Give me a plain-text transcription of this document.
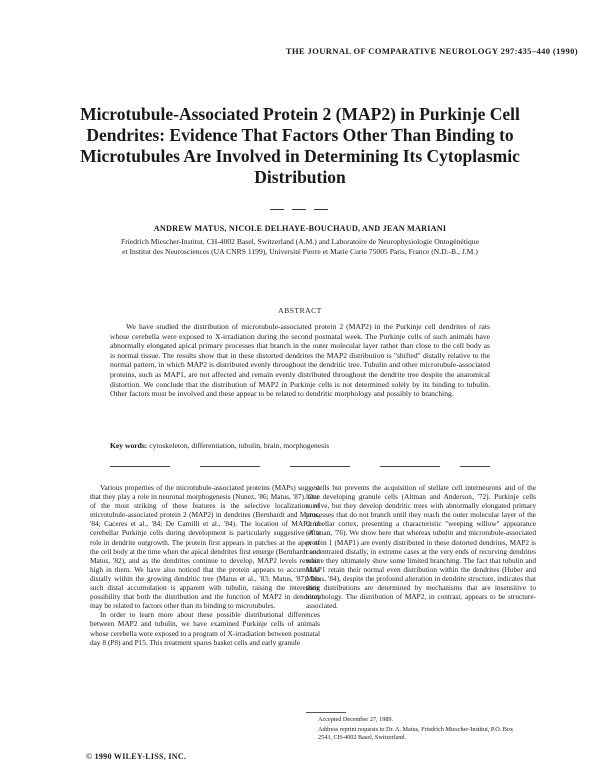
THE JOURNAL OF COMPARATIVE NEUROLOGY 297:435–440 (1990)
Microtubule-Associated Protein 2 (MAP2) in Purkinje Cell Dendrites: Evidence That Factors Other Than Binding to Microtubules Are Involved in Determining Its Cytoplasmic Distribution
ANDREW MATUS, NICOLE DELHAYE-BOUCHAUD, AND JEAN MARIANI
Friedrich Miescher-Institut, CH-4002 Basel, Switzerland (A.M.) and Laboratoire de Neurophysiologie Ontogénétique et Institut des Neurosciences (UA CNRS 1199), Université Pierre et Marie Curie 75005 Paris, France (N.D.-B., J.M.)
ABSTRACT
We have studied the distribution of microtubule-associated protein 2 (MAP2) in the Purkinje cell dendrites of rats whose cerebella were exposed to X-irradiation during the second postnatal week. The Purkinje cells of such animals have abnormally elongated apical primary processes that branch in the outer molecular layer rather than close to the cell body as is normal tissue. The results show that in these distorted dendrites the MAP2 distribution is "shifted" distally relative to the normal pattern, in which MAP2 is distributed evenly throughout the dendritic tree. Tubulin and other microtubule-associated proteins, such as MAP1, are not affected and remain evenly distributed throughout the dendrite tree despite the anatomical distortion. We conclude that the distribution of MAP2 in Purkinje cells is not determined solely by its binding to tubulin. Other factors must be involved and these appear to be related to dendritic morphology and possibly to branching.
Key words: cytoskeleton, differentiation, tubulin, brain, morphogenesis

Various properties of the microtubule-associated proteins (MAPs) suggest that they play a role in neuronal morphogenesis (Nunez, '86; Matus, '87). One of the most striking of these features is the selective localization of microtubule-associated protein 2 (MAP2) in dendrites (Bernhardt and Matus, '84; Caceres et al., '84; De Camilli et al., '84). The location of MAP2 in cerebellar Purkinje cells during development is particularly suggestive of a role in dendrite outgrowth. The protein first appears in patches at the apex of the cell body at the time when the apical dendrites first emerge (Bernhardt and Matus, '82), and as the dendrites continue to develop, MAP2 levels remain high in them. We have also noticed that the protein appears to accumulate distally within the growing dendritic tree (Matus et al., '83; Matus, '87). No such distal accumulation is apparent with tubulin, raising the interesting possibility that both the distribution and the function of MAP2 in dendrites may be related to factors other than its binding to microtubules.

In order to learn more about these possible distributional differences between MAP2 and tubulin, we have examined Purkinje cells of animals whose cerebella were exposed to a program of X-irradiation between postnatal day 8 (P8) and P15. This treatment spares basket cells and early granule

cells but prevents the acquisition of stellate cell interneurons and of the later developing granule cells (Altman and Anderson, '72). Purkinje cells survive, but they develop dendritic trees with abnormally elongated primary processes that do not branch until they reach the outer molecular layer of the cerebellar cortex, presenting a characteristic "weeping willow" appearance (Altman, '76). We show here that whereas tubulin and microtubule-associated protein 1 (MAP1) are evenly distributed in these distorted dendrites, MAP2 is concentrated distally, in extreme cases at the very ends of recurving dendrites where they ultimately show some limited branching. The fact that tubulin and MAP1 retain their normal even distribution within the dendrites (Huber and Matus, '84), despite the profound alteration in dendrite structure, indicates that their distributions are determined by mechanisms that are insensitive to morphology. The distribution of MAP2, in contrast, appears to be structure-associated.

Accepted December 27, 1989.

Address reprint requests to Dr. A. Matus, Friedrich Miescher-Institut, P.O. Box 2543, CH-4002 Basel, Switzerland.

© 1990 WILEY-LISS, INC.
